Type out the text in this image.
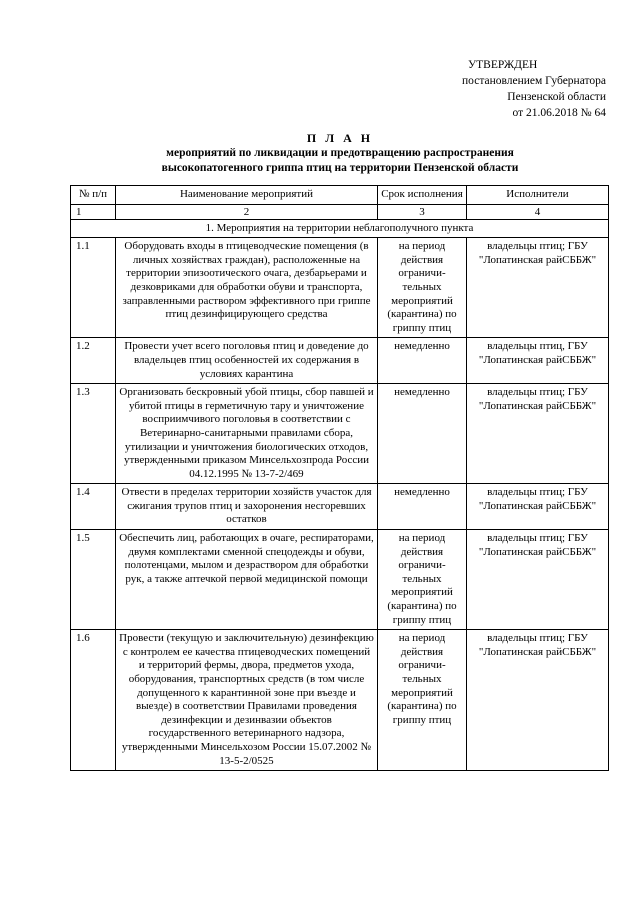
УТВЕРЖДЕН
постановлением Губернатора
Пензенской области
от 21.06.2018 № 64
П Л А Н
мероприятий по ликвидации и предотвращению распространения
высокопатогенного гриппа птиц на территории Пензенской области
№ п/п	Наименование мероприятий	Срок исполнения	Исполнители
1	2	3	4
1. Мероприятия на территории неблагополучного пункта			
1.1	Оборудовать входы в птицеводческие помещения (в личных хозяйствах граждан), расположенные на территории эпизоотического очага, дезбарьерами и дезковриками для обработки обуви и транспорта, заправленными раствором эффективного при гриппе птиц дезинфицирующего средства	на период действия ограничи-тельных мероприятий (карантина) по гриппу птиц	владельцы птиц; ГБУ "Лопатинская райСББЖ"
1.2	Провести учет всего поголовья птиц и доведение до владельцев птиц особенностей их содержания в условиях карантина	немедленно	владельцы птиц, ГБУ "Лопатинская райСББЖ"
1.3	Организовать бескровный убой птицы, сбор павшей и убитой птицы в герметичную тару и уничтожение восприимчивого поголовья в соответствии с Ветеринарно-санитарными правилами сбора, утилизации и уничтожения биологических отходов, утвержденными приказом Минсельхозпрода России 04.12.1995 № 13-7-2/469	немедленно	владельцы птиц; ГБУ "Лопатинская райСББЖ"
1.4	Отвести в пределах территории хозяйств участок для сжигания трупов птиц и захоронения несгоревших остатков	немедленно	владельцы птиц; ГБУ "Лопатинская райСББЖ"
1.5	Обеспечить лиц, работающих в очаге, респираторами, двумя комплектами сменной спецодежды и обуви, полотенцами, мылом и дезраствором для обработки рук, а также аптечкой первой медицинской помощи	на период действия ограничи-тельных мероприятий (карантина) по гриппу птиц	владельцы птиц; ГБУ "Лопатинская райСББЖ"
1.6	Провести (текущую и заключительную) дезинфекцию с контролем ее качества птицеводческих помещений и территорий фермы, двора, предметов ухода, оборудования, транспортных средств (в том числе допущенного к карантинной зоне при въезде и выезде) в соответствии Правилами проведения дезинфекции и дезинвазии объектов государственного ветеринарного надзора, утвержденными Минсельхозом России 15.07.2002 № 13-5-2/0525	на период действия ограничи-тельных мероприятий (карантина) по гриппу птиц	владельцы птиц; ГБУ "Лопатинская райСББЖ"
